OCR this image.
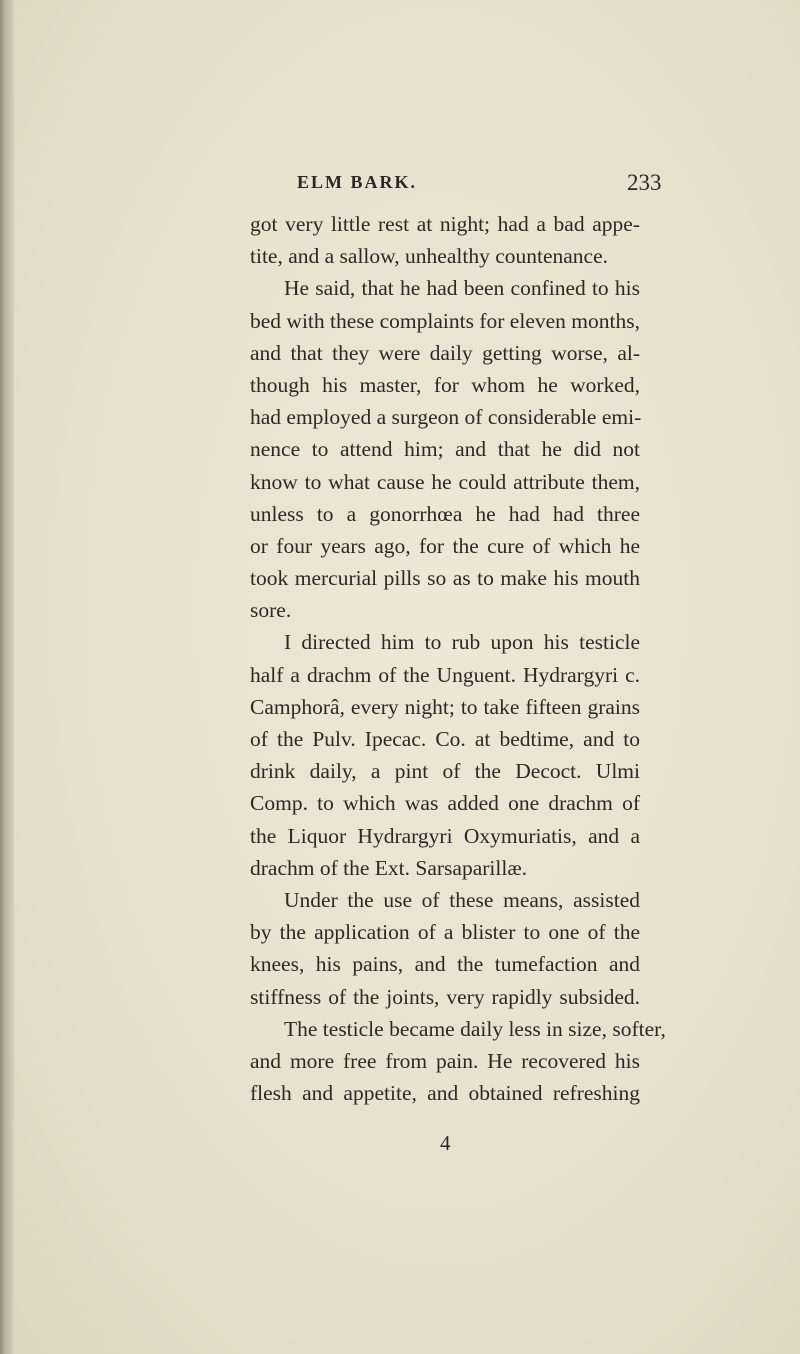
ELM BARK.	233
got very little rest at night; had a bad appe-
tite, and a sallow, unhealthy countenance.
He said, that he had been confined to his
bed with these complaints for eleven months,
and that they were daily getting worse, al-
though his master, for whom he worked,
had employed a surgeon of considerable emi-
nence to attend him; and that he did not
know to what cause he could attribute them,
unless to a gonorrhœa he had had three
or four years ago, for the cure of which he
took mercurial pills so as to make his mouth
sore.
I directed him to rub upon his testicle
half a drachm of the Unguent. Hydrargyri c.
Camphorâ, every night; to take fifteen grains
of the Pulv. Ipecac. Co. at bedtime, and to
drink daily, a pint of the Decoct. Ulmi
Comp. to which was added one drachm of
the Liquor Hydrargyri Oxymuriatis, and a
drachm of the Ext. Sarsaparillæ.
Under the use of these means, assisted
by the application of a blister to one of the
knees, his pains, and the tumefaction and
stiffness of the joints, very rapidly subsided.
The testicle became daily less in size, softer,
and more free from pain. He recovered his
flesh and appetite, and obtained refreshing
4
